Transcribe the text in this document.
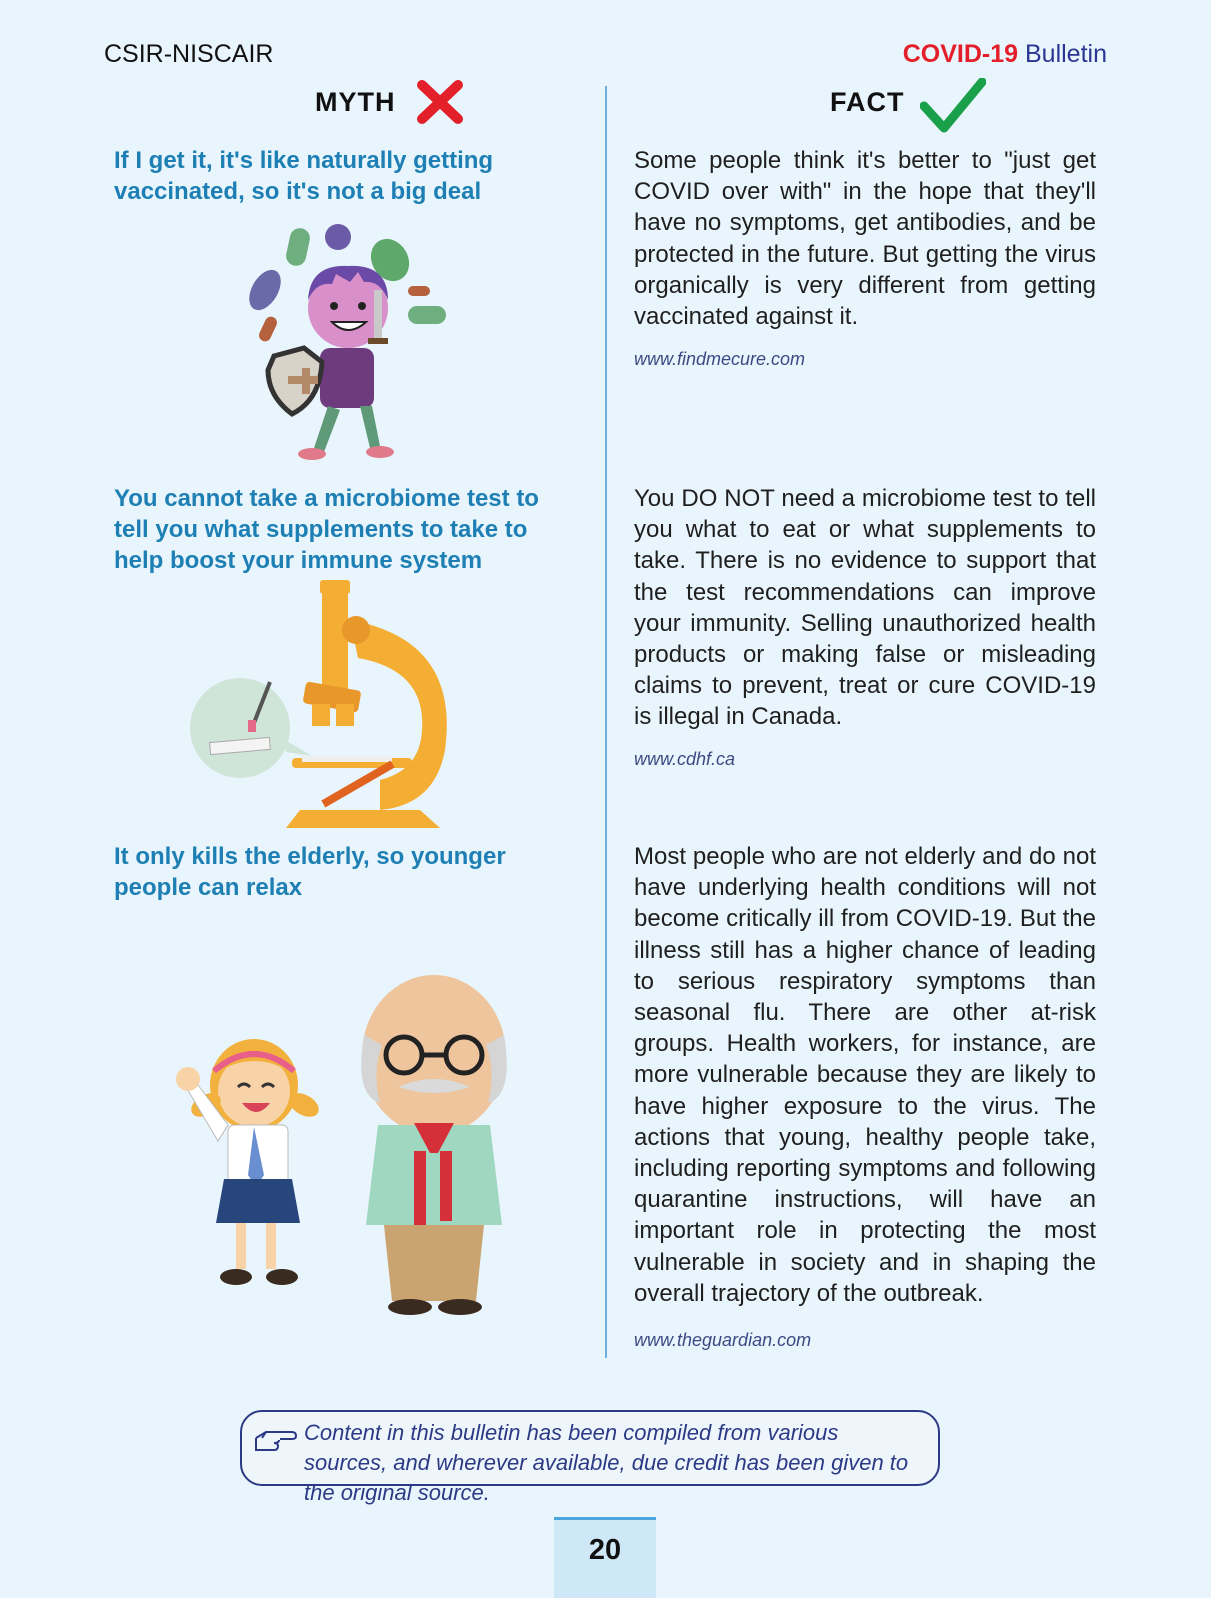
CSIR-NISCAIR	COVID-19 Bulletin
MYTH	FACT
If I get it, it's like naturally getting vaccinated, so it's not a big deal
Some people think it's better to "just get COVID over with" in the hope that they'll have no symptoms, get antibodies, and be protected in the future. But getting the virus organically is very different from getting vaccinated against it.
www.findmecure.com
You cannot take a microbiome test to tell you what supplements to take to help boost your immune system
You DO NOT need a microbiome test to tell you what to eat or what supplements to take. There is no evidence to support that the test recommendations can improve your immunity. Selling unauthorized health products or making false or misleading claims to prevent, treat or cure COVID-19 is illegal in Canada.
www.cdhf.ca
It only kills the elderly, so younger people can relax
Most people who are not elderly and do not have underlying health conditions will not become critically ill from COVID-19. But the illness still has a higher chance of leading to serious respiratory symptoms than seasonal flu. There are other at-risk groups. Health workers, for instance, are more vulnerable because they are likely to have higher exposure to the virus. The actions that young, healthy people take, including reporting symptoms and following quarantine instructions, will have an important role in protecting the most vulnerable in society and in shaping the overall trajectory of the outbreak.
www.theguardian.com
Content in this bulletin has been compiled from various sources, and wherever available, due credit has been given to the original source.
20
